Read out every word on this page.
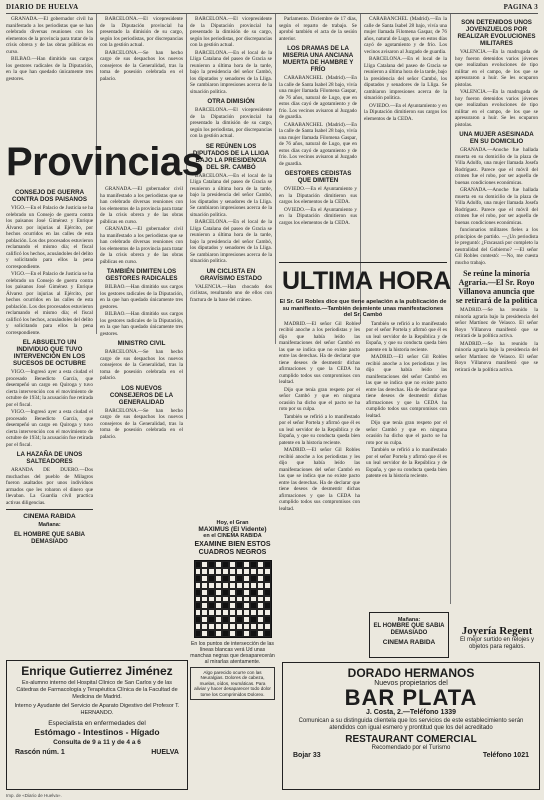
DIARIO DE HUELVA	PAGINA 3

GRANADA.—El gobernador civil ha manifestado a los periodistas que se han celebrado diversas reuniones con los elementos de la provincia para tratar de la crisis obrera y de las obras públicas en curso.

BILBAO.—Han dimitido sus cargos los gestores radicales de la Diputación, en la que han quedado únicamente tres gestores.

BARCELONA.—El vicepresidente de la Diputación provincial ha presentado la dimisión de su cargo, según los periodistas, por discrepancias con la gestión actual.

BARCELONA.—Se han hecho cargo de sus despachos los nuevos consejeros de la Generalidad, tras la toma de posesión celebrada en el palacio.

Provincias
CONSEJO DE GUERRA CONTRA DOS PAISANOS

VIGO.—En el Palacio de Justicia se ha celebrado un Consejo de guerra contra los paisanos José Giménez y Enrique Álvarez por injurias al Ejército, por hechos ocurridos en las calles de esta población. Los dos procesados estuvieron reclamando el mismo día; el fiscal calificó los hechos, acusándoles del delito y solicitando para ellos la pena correspondiente.

VIGO.—En el Palacio de Justicia se ha celebrado un Consejo de guerra contra los paisanos José Giménez y Enrique Álvarez por injurias al Ejército, por hechos ocurridos en las calles de esta población. Los dos procesados estuvieron reclamando el mismo día; el fiscal calificó los hechos, acusándoles del delito y solicitando para ellos la pena correspondiente.

EL ABSUELTO UN INDIVIDUO QUE TUVO INTERVENCIÓN EN LOS SUCESOS DE OCTUBRE

VIGO.—Ingresó ayer a esta ciudad el procesado Benedicto García, que desempeñó un cargo en Quiroga y tuvo cierta intervención con el movimiento de octubre de 1934; la acusación fue retirada por el fiscal.

VIGO.—Ingresó ayer a esta ciudad el procesado Benedicto García, que desempeñó un cargo en Quiroga y tuvo cierta intervención con el movimiento de octubre de 1934; la acusación fue retirada por el fiscal.

LA HAZAÑA DE UNOS SALTEADORES

ARANDA DE DUERO.—Dos muchachos del pueblo de Milagros fueron asaltados por unos individuos armados que les robaron el dinero que llevaban. La Guardia civil practica activas diligencias.

CINEMA RABIDA
Mañana:
EL HOMBRE QUE SABIA DEMASIADO

GRANADA.—El gobernador civil ha manifestado a los periodistas que se han celebrado diversas reuniones con los elementos de la provincia para tratar de la crisis obrera y de las obras públicas en curso.

GRANADA.—El gobernador civil ha manifestado a los periodistas que se han celebrado diversas reuniones con los elementos de la provincia para tratar de la crisis obrera y de las obras públicas en curso.

TAMBIÉN DIMITEN LOS GESTORES RADICALES

BILBAO.—Han dimitido sus cargos los gestores radicales de la Diputación, en la que han quedado únicamente tres gestores.

BILBAO.—Han dimitido sus cargos los gestores radicales de la Diputación, en la que han quedado únicamente tres gestores.

MINISTRO CIVIL

BARCELONA.—Se han hecho cargo de sus despachos los nuevos consejeros de la Generalidad, tras la toma de posesión celebrada en el palacio.

LOS NUEVOS CONSEJEROS DE LA GENERALIDAD

BARCELONA.—Se han hecho cargo de sus despachos los nuevos consejeros de la Generalidad, tras la toma de posesión celebrada en el palacio.

BARCELONA.—El vicepresidente de la Diputación provincial ha presentado la dimisión de su cargo, según los periodistas, por discrepancias con la gestión actual.

BARCELONA.—En el local de la Lliga Catalana del paseo de Gracia se reunieron a última hora de la tarde, bajo la presidencia del señor Cambó, los diputados y senadores de la Lliga. Se cambiaron impresiones acerca de la situación política.

OTRA DIMISIÓN

BARCELONA.—El vicepresidente de la Diputación provincial ha presentado la dimisión de su cargo, según los periodistas, por discrepancias con la gestión actual.

SE REÚNEN LOS DIPUTADOS DE LA LLIGA BAJO LA PRESIDENCIA DEL SR. CAMBÓ

BARCELONA.—En el local de la Lliga Catalana del paseo de Gracia se reunieron a última hora de la tarde, bajo la presidencia del señor Cambó, los diputados y senadores de la Lliga. Se cambiaron impresiones acerca de la situación política.

BARCELONA.—En el local de la Lliga Catalana del paseo de Gracia se reunieron a última hora de la tarde, bajo la presidencia del señor Cambó, los diputados y senadores de la Lliga. Se cambiaron impresiones acerca de la situación política.

UN CICLISTA EN GRAVÍSIMO ESTADO

VALENCIA.—Han chocado dos ciclistas, resultando uno de ellos con fractura de la base del cráneo.

Parlamento. Diciembre de 17 días, según el reparto de trabajo. Se aprobó también el acta de la sesión anterior.

LOS DRAMAS DE LA MISERIA UNA ANCIANA MUERTA DE HAMBRE Y FRÍO

CARABANCHEL (Madrid).—En la calle de Santa Isabel 28 bajo, vivía una mujer llamada Filomena Gaspar, de 76 años, natural de Lugo, que en estos días cayó de agotamiento y de frío. Los vecinos avisaron al Juzgado de guardia.

CARABANCHEL (Madrid).—En la calle de Santa Isabel 28 bajo, vivía una mujer llamada Filomena Gaspar, de 76 años, natural de Lugo, que en estos días cayó de agotamiento y de frío. Los vecinos avisaron al Juzgado de guardia.

GESTORES CEDISTAS QUE DIMITEN

OVIEDO.—En el Ayuntamiento y en la Diputación dimitieron sus cargos los elementos de la CEDA.

OVIEDO.—En el Ayuntamiento y en la Diputación dimitieron sus cargos los elementos de la CEDA.

CARABANCHEL (Madrid).—En la calle de Santa Isabel 28 bajo, vivía una mujer llamada Filomena Gaspar, de 76 años, natural de Lugo, que en estos días cayó de agotamiento y de frío. Los vecinos avisaron al Juzgado de guardia.

BARCELONA.—En el local de la Lliga Catalana del paseo de Gracia se reunieron a última hora de la tarde, bajo la presidencia del señor Cambó, los diputados y senadores de la Lliga. Se cambiaron impresiones acerca de la situación política.

OVIEDO.—En el Ayuntamiento y en la Diputación dimitieron sus cargos los elementos de la CEDA.

SON DETENIDOS UNOS JOVENZUELOS POR REALIZAR EVOLUCIONES MILITARES

VALENCIA.—En la madrugada de hoy fueron detenidos varios jóvenes que realizaban evoluciones de tipo militar en el campo, de los que se apresuraron a huir. Se les ocuparon pistolas.

VALENCIA.—En la madrugada de hoy fueron detenidos varios jóvenes que realizaban evoluciones de tipo militar en el campo, de los que se apresuraron a huir. Se les ocuparon pistolas.

UNA MUJER ASESINADA EN SU DOMICILIO

GRANADA.—Anoche fue hallada muerta en su domicilio de la plaza de Villa Adolfo, una mujer llamada Josefa Rodríguez. Parece que el móvil del crimen fue el robo, por ser aquella de buenas condiciones económicas.

GRANADA.—Anoche fue hallada muerta en su domicilio de la plaza de Villa Adolfo, una mujer llamada Josefa Rodríguez. Parece que el móvil del crimen fue el robo, por ser aquella de buenas condiciones económicas.

funcionarios militares fieles a los principios de partido. —¿Un periodista le preguntó: ¿Fracasará por completo la neutralidad del Gobierno? —El señor Gil Robles contestó: —No, me cuesta mucho trabajo.

Se reúne la minoría Agraria.—El Sr. Royo Villanova anuncia que se retirará de la política

MADRID.—Se ha reunido la minoría agraria bajo la presidencia del señor Martínez de Velasco. El señor Royo Villanova manifestó que se retirará de la política activa.

MADRID.—Se ha reunido la minoría agraria bajo la presidencia del señor Martínez de Velasco. El señor Royo Villanova manifestó que se retirará de la política activa.

ULTIMA HORA
El Sr. Gil Robles dice que tiene apelación a la publicación de su manifiesto.—También desmiente unas manifestaciones del Sr. Cambó

MADRID.—El señor Gil Robles recibió anoche a los periodistas y les dijo que había leído las manifestaciones del señor Cambó en las que se indica que no existe pacto entre las derechas. Ha de declarar que tiene deseos de desmentir dichas afirmaciones y que la CEDA ha cumplido todos sus compromisos con lealtad.

Dijo que tenía gran respeto por el señor Cambó y que en ninguna ocasión ha dicho que el pacto se ha roto por su culpa.

También se refirió a lo manifestado por el señor Portela y afirmó que él es un leal servidor de la República y de España, y que su conducta queda bien patente en la historia reciente.

MADRID.—El señor Gil Robles recibió anoche a los periodistas y les dijo que había leído las manifestaciones del señor Cambó en las que se indica que no existe pacto entre las derechas. Ha de declarar que tiene deseos de desmentir dichas afirmaciones y que la CEDA ha cumplido todos sus compromisos con lealtad.

También se refirió a lo manifestado por el señor Portela y afirmó que él es un leal servidor de la República y de España, y que su conducta queda bien patente en la historia reciente.

MADRID.—El señor Gil Robles recibió anoche a los periodistas y les dijo que había leído las manifestaciones del señor Cambó en las que se indica que no existe pacto entre las derechas. Ha de declarar que tiene deseos de desmentir dichas afirmaciones y que la CEDA ha cumplido todos sus compromisos con lealtad.

Dijo que tenía gran respeto por el señor Cambó y que en ninguna ocasión ha dicho que el pacto se ha roto por su culpa.

También se refirió a lo manifestado por el señor Portela y afirmó que él es un leal servidor de la República y de España, y que su conducta queda bien patente en la historia reciente.

Mañana:
EL HOMBRE QUE SABIA DEMASIADO
CINEMA RABIDA
Joyería Regent
El mejor surtido en relojes y objetos para regalos.
Hoy, el Gran
MAXIMUS (El Vidente)
en el CINEMA RABIDA
EXAMINE BIEN ESTOS CUADROS NEGROS
En los puntos de intersección de las líneas blancas verá Ud unas manchas negras que desaparecerán al mirarlas atentamente.
Algo parecido ocurre con las Neuralgias. Dolores de cabeza, muelas, oídos, reumáticas. Para aliviar y hacer desaparecer todo dolor tome los Comprimidos Dolorex.
Enrique Gutierrez Jiménez
Ex-alumno interno del Hospital Clínico de San Carlos y de las Cátedras de Farmacología y Terapéutica Clínica de la Facultad de Medicina de Madrid.
Interno y Ayudante del Servicio de Aparato Digestivo del Profesor T. HERNANDO.
Especialista en enfermedades del
Estómago - Intestinos - Hígado
Consulta de 9 a 11 y de 4 a 6
Rascón núm. 1	HUELVA
DORADO HERMANOS
Nuevos propietarios del
BAR PLATA
J. Costa, 2.—Teléfono 1339
Comunican a su distinguida clientela que los servicios de este establecimiento serán atendidos con igual esmero y prontitud que los del acreditado
RESTAURANT COMERCIAL
Recomendado por el Turismo
Bojar 33	Teléfono 1021
Imp. de «Diario de Huelva».
